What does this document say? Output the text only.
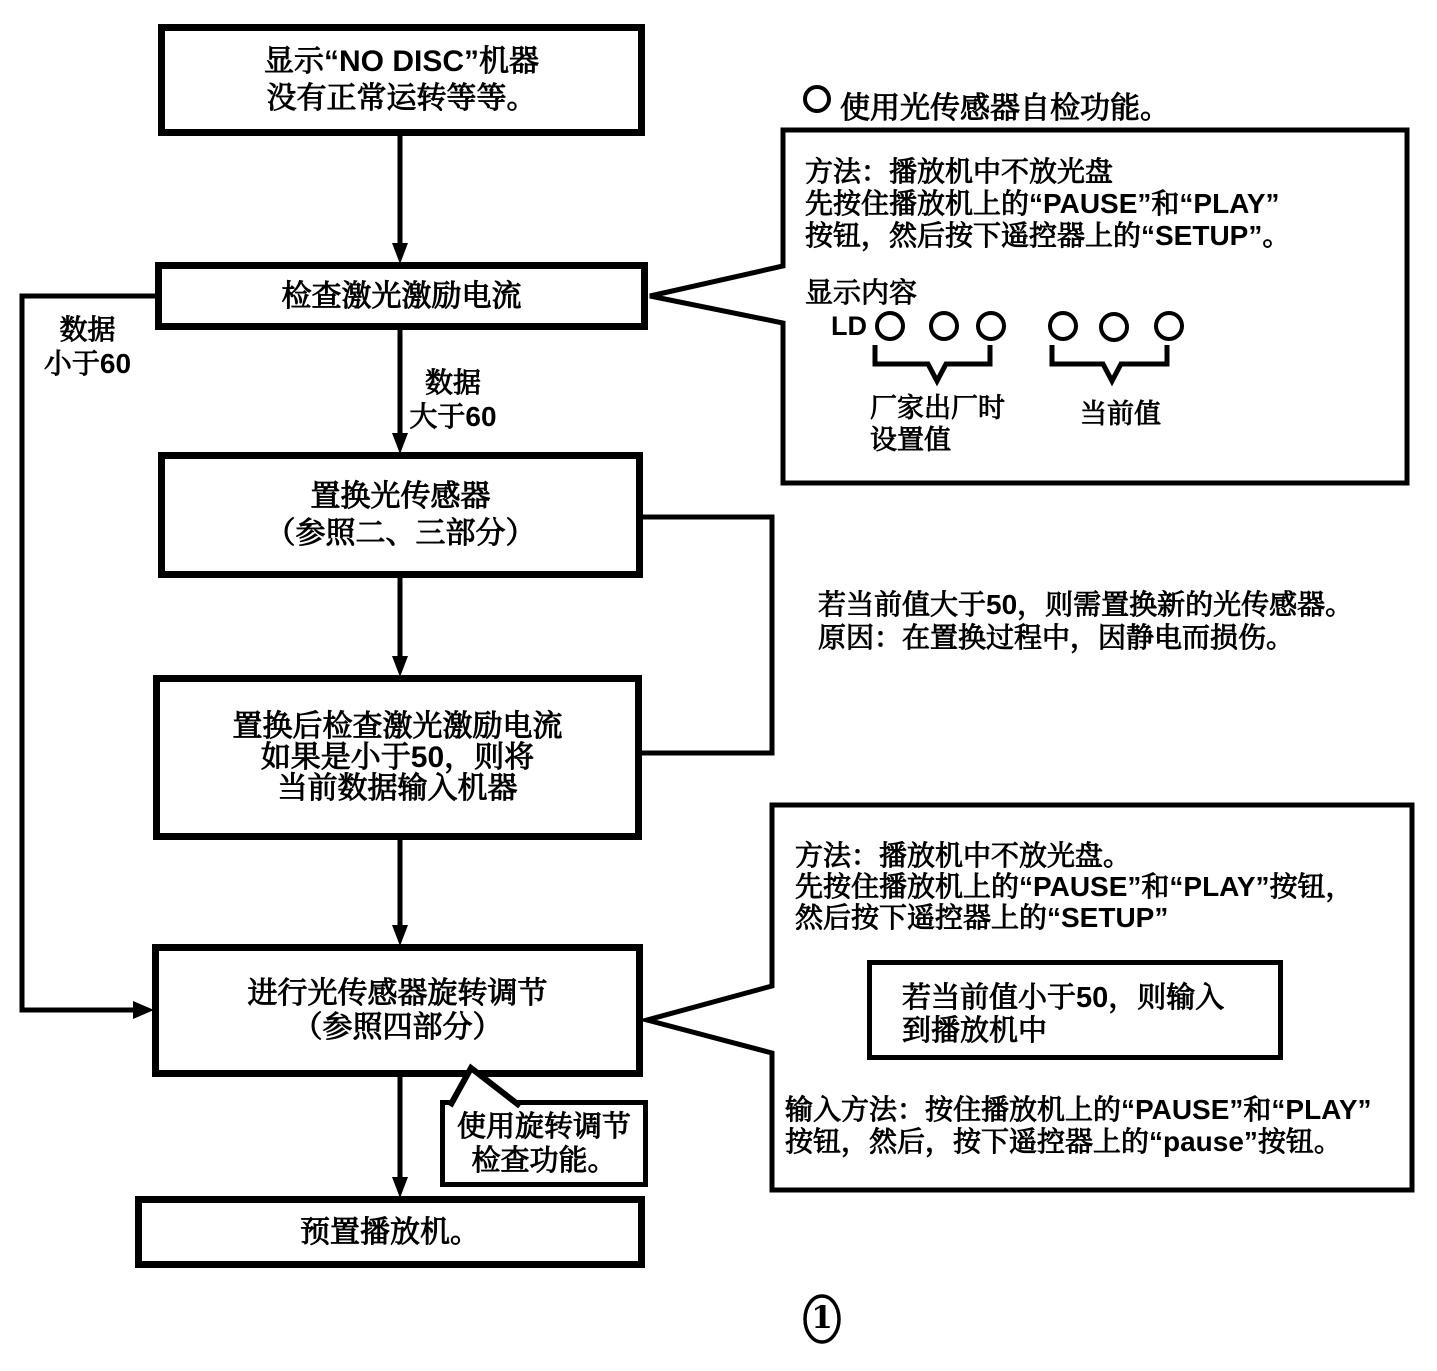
显示“NO DISC”机器
没有正常运转等等。
检查激光激励电流
置换光传感器
（参照二、三部分）
置换后检查激光激励电流
如果是小于50，则将
当前数据输入机器
进行光传感器旋转调节
（参照四部分）
使用旋转调节
检查功能。
预置播放机。
数据
小于60
数据
大于60
使用光传感器自检功能。
方法：播放机中不放光盘
先按住播放机上的“PAUSE”和“PLAY”
按钮，然后按下遥控器上的“SETUP”。
显示内容
LD
厂家出厂时
设置值
当前值
若当前值大于50，则需置换新的光传感器。
原因：在置换过程中，因静电而损伤。
方法：播放机中不放光盘。
先按住播放机上的“PAUSE”和“PLAY”按钮，
然后按下遥控器上的“SETUP”
若当前值小于50，则输入
到播放机中
输入方法：按住播放机上的“PAUSE”和“PLAY”
按钮，然后，按下遥控器上的“pause”按钮。
1
